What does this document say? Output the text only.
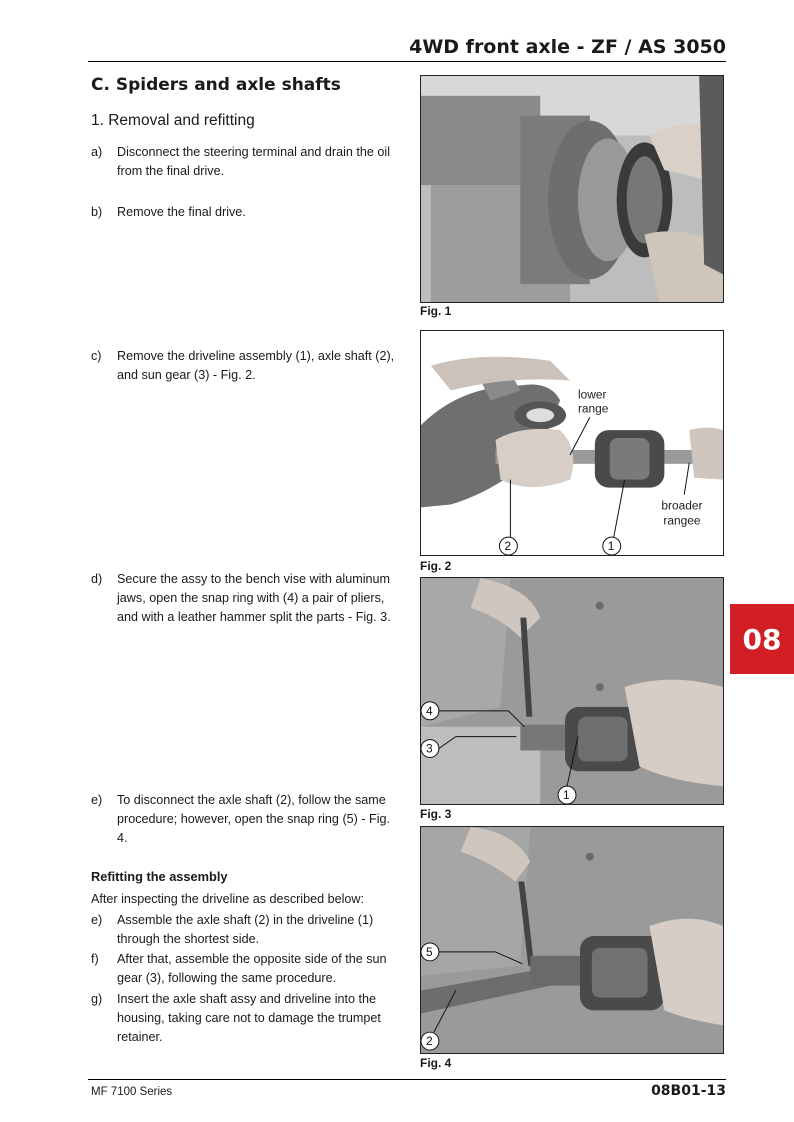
4WD front axle - ZF / AS 3050
C. Spiders and axle shafts
1. Removal and refitting
a) Disconnect the steering terminal and drain the oil from the final drive.
b) Remove the final drive.
c) Remove the driveline assembly (1), axle shaft (2), and sun gear (3) - Fig. 2.
d) Secure the assy to the bench vise with aluminum jaws, open the snap ring with (4) a pair of pliers, and with a leather hammer split the parts - Fig. 3.
e) To disconnect the axle shaft (2), follow the same procedure; however, open the snap ring (5) - Fig. 4.
Refitting the assembly
After inspecting the driveline as described below:
e) Assemble the axle shaft (2) in the driveline (1) through the shortest side.
f) After that, assemble the opposite side of the sun gear (3), following the same procedure.
g) Insert the axle shaft assy and driveline into the housing, taking care not to damage the trumpet retainer.
Fig. 1
lower
range
broader
rangee
2	1
Fig. 2
4
3
1
Fig. 3
5
2
Fig. 4
08
MF 7100 Series	08B01-13
